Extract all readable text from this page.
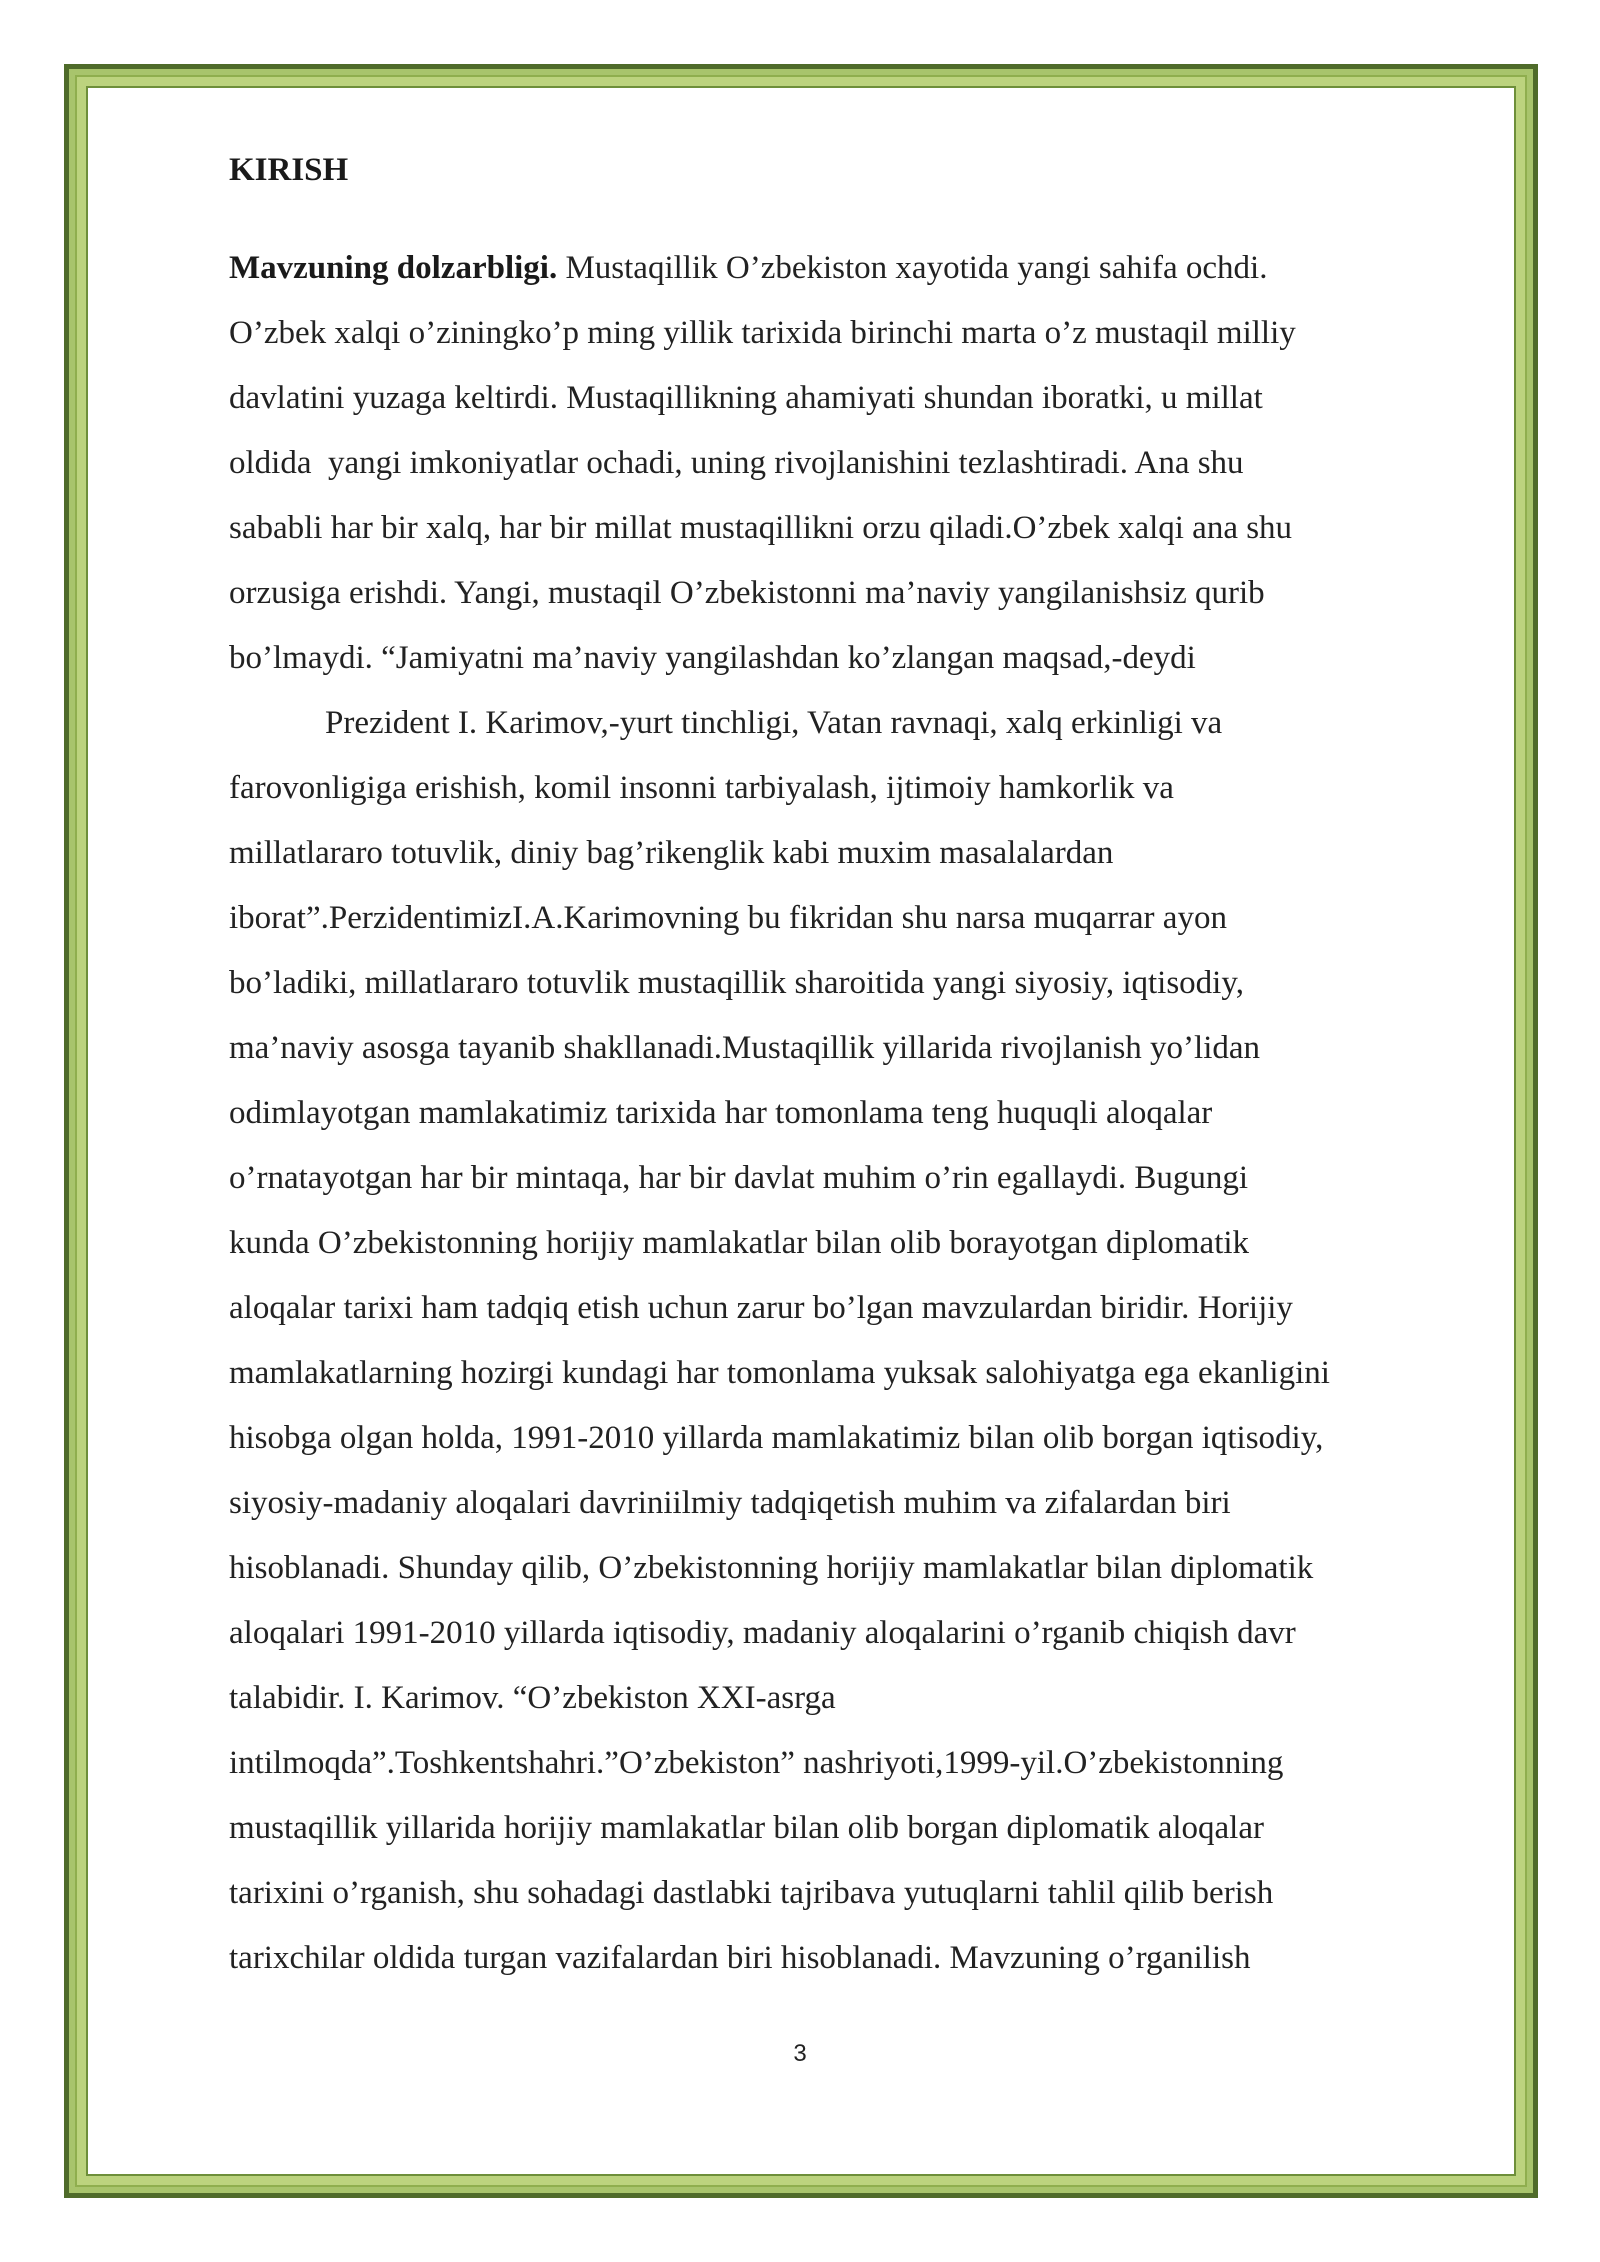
KIRISH

Mavzuning dolzarbligi. Mustaqillik O’zbekiston xayotida yangi sahifa ochdi.

O’zbek xalqi o’ziningko’p ming yillik tarixida birinchi marta o’z mustaqil milliy

davlatini yuzaga keltirdi. Mustaqillikning ahamiyati shundan iboratki, u millat

oldida  yangi imkoniyatlar ochadi, uning rivojlanishini tezlashtiradi. Ana shu

sababli har bir xalq, har bir millat mustaqillikni orzu qiladi.O’zbek xalqi ana shu

orzusiga erishdi. Yangi, mustaqil O’zbekistonni ma’naviy yangilanishsiz qurib

bo’lmaydi. “Jamiyatni ma’naviy yangilashdan ko’zlangan maqsad,-deydi

Prezident I. Karimov,-yurt tinchligi, Vatan ravnaqi, xalq erkinligi va

farovonligiga erishish, komil insonni tarbiyalash, ijtimoiy hamkorlik va

millatlararo totuvlik, diniy bag’rikenglik kabi muxim masalalardan

iborat”.PerzidentimizI.A.Karimovning bu fikridan shu narsa muqarrar ayon

bo’ladiki, millatlararo totuvlik mustaqillik sharoitida yangi siyosiy, iqtisodiy,

ma’naviy asosga tayanib shakllanadi.Mustaqillik yillarida rivojlanish yo’lidan

odimlayotgan mamlakatimiz tarixida har tomonlama teng huquqli aloqalar

o’rnatayotgan har bir mintaqa, har bir davlat muhim o’rin egallaydi. Bugungi

kunda O’zbekistonning horijiy mamlakatlar bilan olib borayotgan diplomatik

aloqalar tarixi ham tadqiq etish uchun zarur bo’lgan mavzulardan biridir. Horijiy

mamlakatlarning hozirgi kundagi har tomonlama yuksak salohiyatga ega ekanligini

hisobga olgan holda, 1991-2010 yillarda mamlakatimiz bilan olib borgan iqtisodiy,

siyosiy-madaniy aloqalari davriniilmiy tadqiqetish muhim va zifalardan biri

hisoblanadi. Shunday qilib, O’zbekistonning horijiy mamlakatlar bilan diplomatik

aloqalari 1991-2010 yillarda iqtisodiy, madaniy aloqalarini o’rganib chiqish davr

talabidir. I. Karimov. “O’zbekiston XXI-asrga

intilmoqda”.Toshkentshahri.”O’zbekiston” nashriyoti,1999-yil.O’zbekistonning

mustaqillik yillarida horijiy mamlakatlar bilan olib borgan diplomatik aloqalar

tarixini o’rganish, shu sohadagi dastlabki tajribava yutuqlarni tahlil qilib berish

tarixchilar oldida turgan vazifalardan biri hisoblanadi. Mavzuning o’rganilish

3
